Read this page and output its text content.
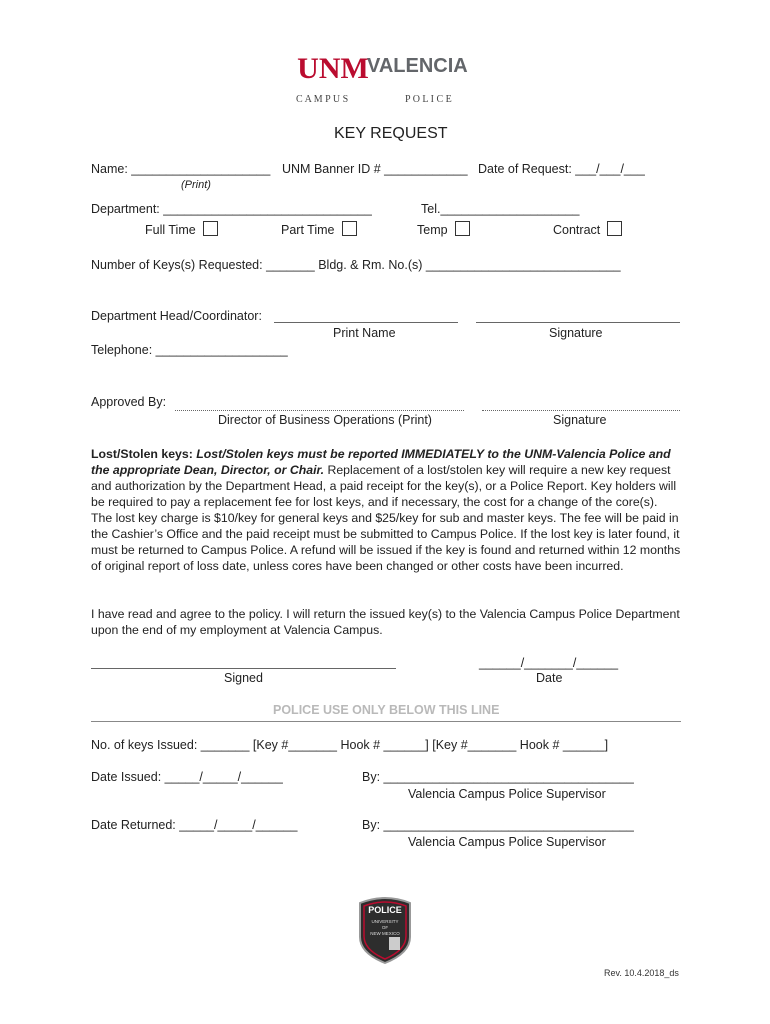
UNM
VALENCIA
C A M P U S	P O L I C E
KEY REQUEST
Name: ____________________ UNM Banner ID # ____________ Date of Request: ___/___/___
(Print)
Department: ______________________________	Tel.____________________
Full Time	Part Time	Temp	Contract
Number of Keys(s) Requested: _______ Bldg. & Rm. No.(s) ____________________________
Department Head/Coordinator:
Print Name	Signature
Telephone: ___________________
Approved By:
Director of Business Operations (Print)	Signature
Lost/Stolen keys: Lost/Stolen keys must be reported IMMEDIATELY to the UNM-Valencia Police and the appropriate Dean, Director, or Chair. Replacement of a lost/stolen key will require a new key request and authorization by the Department Head, a paid receipt for the key(s), or a Police Report. Key holders will be required to pay a replacement fee for lost keys, and if necessary, the cost for a change of the core(s). The lost key charge is $10/key for general keys and $25/key for sub and master keys. The fee will be paid in the Cashier’s Office and the paid receipt must be submitted to Campus Police. If the lost key is later found, it must be returned to Campus Police. A refund will be issued if the key is found and returned within 12 months of original report of loss date, unless cores have been changed or other costs have been incurred.
I have read and agree to the policy. I will return the issued key(s) to the Valencia Campus Police Department upon the end of my employment at Valencia Campus.
______/_______/______
Signed	Date
POLICE USE ONLY BELOW THIS LINE
No. of keys Issued: _______ [Key #_______ Hook # ______] [Key #_______ Hook # ______]
Date Issued: _____/_____/______	By: ____________________________________
Valencia Campus Police Supervisor
Date Returned: _____/_____/______	By: ____________________________________
Valencia Campus Police Supervisor
POLICE
UNIVERSITY
OF
NEW MEXICO
Rev. 10.4.2018_ds
